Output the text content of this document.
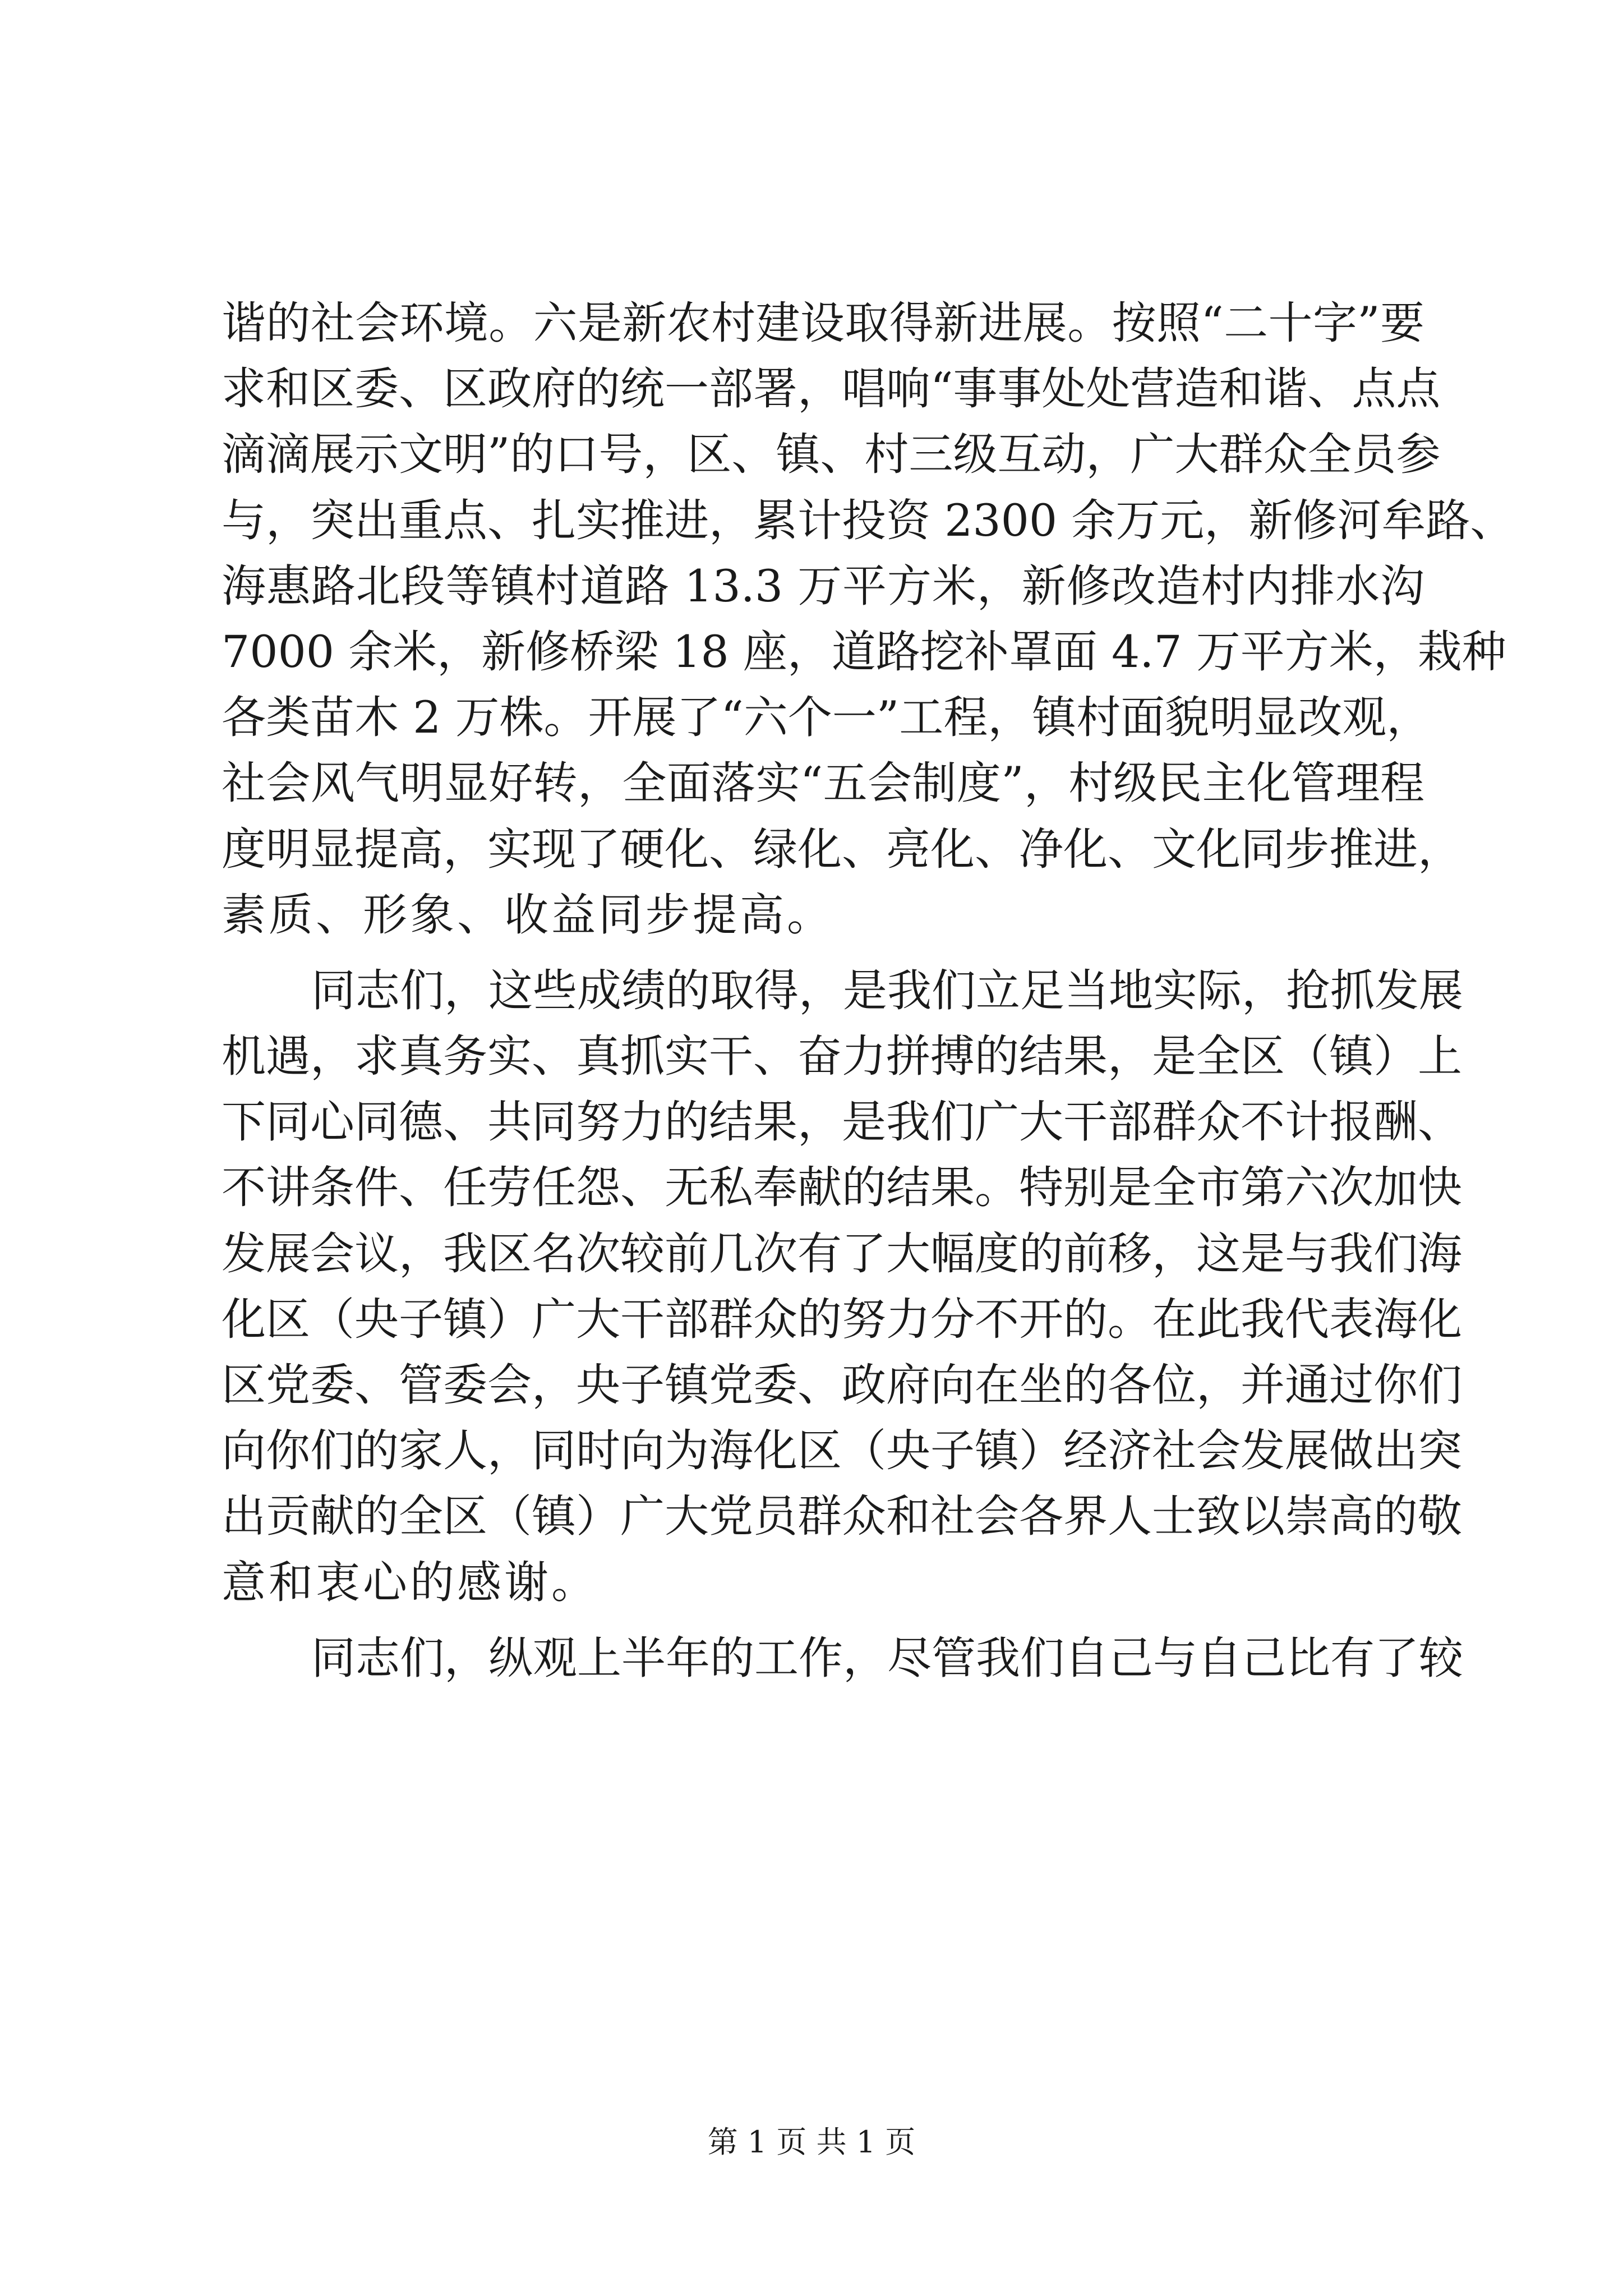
谐的社会环境。六是新农村建设取得新进展。按照“二十字”要
求和区委、区政府的统一部署，唱响“事事处处营造和谐、点点
滴滴展示文明”的口号，区、镇、村三级互动，广大群众全员参
与，突出重点、扎实推进，累计投资 2300 余万元，新修河牟路、
海惠路北段等镇村道路 13.3 万平方米，新修改造村内排水沟
7000 余米，新修桥梁 18 座，道路挖补罩面 4.7 万平方米，栽种
各类苗木 2 万株。开展了“六个一”工程，镇村面貌明显改观，
社会风气明显好转，全面落实“五会制度”，村级民主化管理程
度明显提高，实现了硬化、绿化、亮化、净化、文化同步推进，
素质、形象、收益同步提高。
同志们，这些成绩的取得，是我们立足当地实际，抢抓发展
机遇，求真务实、真抓实干、奋力拼搏的结果，是全区（镇）上
下同心同德、共同努力的结果，是我们广大干部群众不计报酬、
不讲条件、任劳任怨、无私奉献的结果。特别是全市第六次加快
发展会议，我区名次较前几次有了大幅度的前移，这是与我们海
化区（央子镇）广大干部群众的努力分不开的。在此我代表海化
区党委、管委会，央子镇党委、政府向在坐的各位，并通过你们
向你们的家人，同时向为海化区（央子镇）经济社会发展做出突
出贡献的全区（镇）广大党员群众和社会各界人士致以崇高的敬
意和衷心的感谢。
同志们，纵观上半年的工作，尽管我们自己与自己比有了较
第 1 页 共 1 页
